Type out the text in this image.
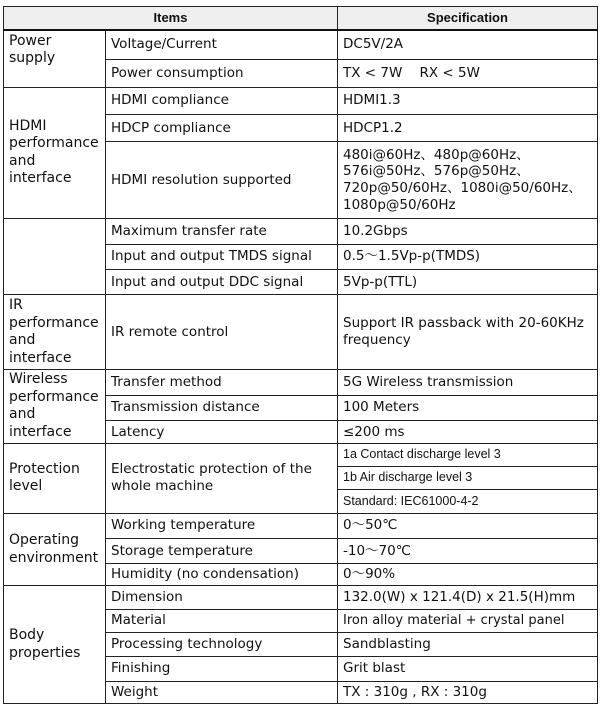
Items		Specification
Power supply	Voltage/Current	DC5V/2A
	Power consumption	TX < 7W    RX < 5W
HDMI performance and interface	HDMI compliance	HDMI1.3
	HDCP compliance	HDCP1.2
	HDMI resolution supported	480i@60Hz、480p@60Hz、576i@50Hz、576p@50Hz、720p@50/60Hz、1080i@50/60Hz、1080p@50/60Hz
	Maximum transfer rate	10.2Gbps
	Input and output TMDS signal	0.5～1.5Vp-p(TMDS)
	Input and output DDC signal	5Vp-p(TTL)
IR performance and interface	IR remote control	Support IR passback with 20-60KHz frequency
Wireless performance and interface	Transfer method	5G Wireless transmission
	Transmission distance	100 Meters
	Latency	≤200 ms
Protection level	Electrostatic protection of the whole machine	1a Contact discharge level 3
		1b Air discharge level 3
		Standard: IEC61000-4-2
Operating environment	Working temperature	0～50℃
	Storage temperature	-10～70℃
	Humidity (no condensation)	0～90%
Body properties	Dimension	132.0(W) x 121.4(D) x 21.5(H)mm
	Material	Iron alloy material + crystal panel
	Processing technology	Sandblasting
	Finishing	Grit blast
	Weight	TX : 310g , RX : 310g
